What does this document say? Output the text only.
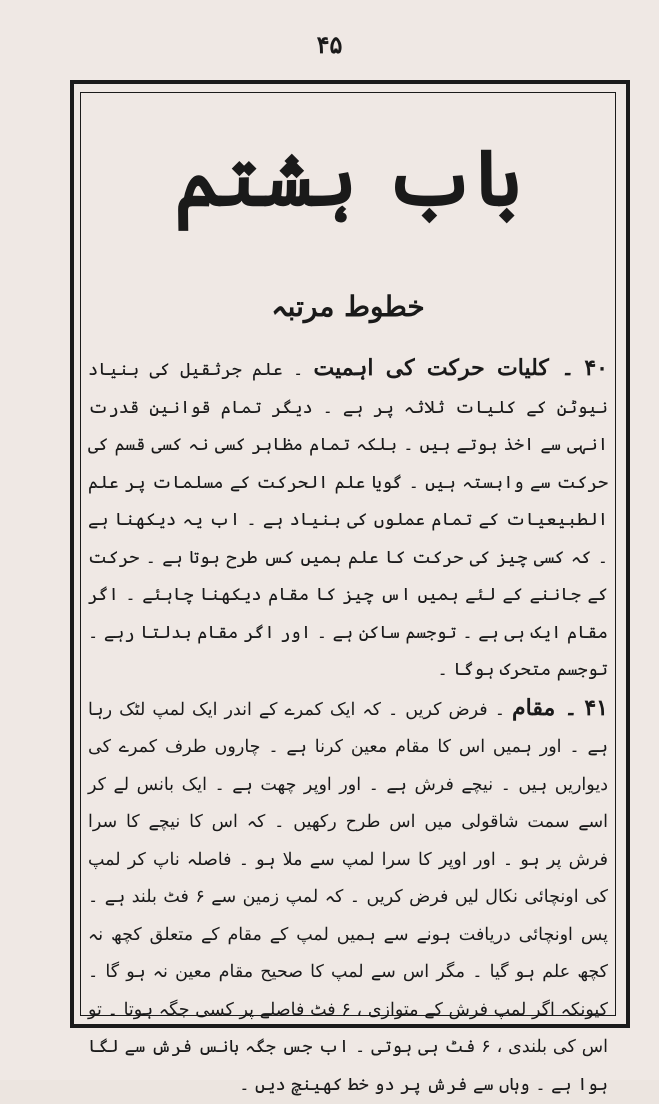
۴۵
باب ہشتم
خطوط مرتبہ

۴۰ ۔ کلیات حرکت کی اہمیت ۔ علم جرثقیل کی بنیاد نیوٹن کے کلیات ثلاثہ پر ہے ۔ دیگر تمام قوانین قدرت انہی سے اخذ ہوتے ہیں ۔ بلکہ تمام مظاہر کسی نہ کسی قسم کی حرکت سے وابستہ ہیں ۔ گویا علم الحرکت کے مسلمات پر علم الطبیعیات کے تمام عملوں کی بنیاد ہے ۔ اب یہ دیکھنا ہے ۔ کہ کسی چیز کی حرکت کا علم ہمیں کس طرح ہوتا ہے ۔ حرکت کے جاننے کے لئے ہمیں اس چیز کا مقام دیکھنا چاہئے ۔ اگر مقام ایک ہی ہے ۔ توجسم ساکن ہے ۔ اور اگر مقام بدلتا رہے ۔ توجسم متحرک ہوگا ۔

۴۱ ۔ مقام ۔ فرض کریں ۔ کہ ایک کمرے کے اندر ایک لمپ لٹک رہا ہے ۔ اور ہمیں اس کا مقام معین کرنا ہے ۔ چاروں طرف کمرے کی دیواریں ہیں ۔ نیچے فرش ہے ۔ اور اوپر چھت ہے ۔ ایک بانس لے کر اسے سمت شاقولی میں اس طرح رکھیں ۔ کہ اس کا نیچے کا سرا فرش پر ہو ۔ اور اوپر کا سرا لمپ سے ملا ہو ۔ فاصلہ ناپ کر لمپ کی اونچائی نکال لیں فرض کریں ۔ کہ لمپ زمین سے ۶ فٹ بلند ہے ۔ پس اونچائی دریافت ہونے سے ہمیں لمپ کے مقام کے متعلق کچھ نہ کچھ علم ہو گیا ۔ مگر اس سے لمپ کا صحیح مقام معین نہ ہو گا ۔ کیونکہ اگر لمپ فرش کے متوازی ، ۶ فٹ فاصلے پر کسی جگہ ہوتا ۔ تو اس کی بلندی ، ۶ فٹ ہی ہوتی ۔ اب جس جگہ بانس فرش سے لگا ہوا ہے ۔ وہاں سے فرش پر دو خط کھینچ دیں ۔
